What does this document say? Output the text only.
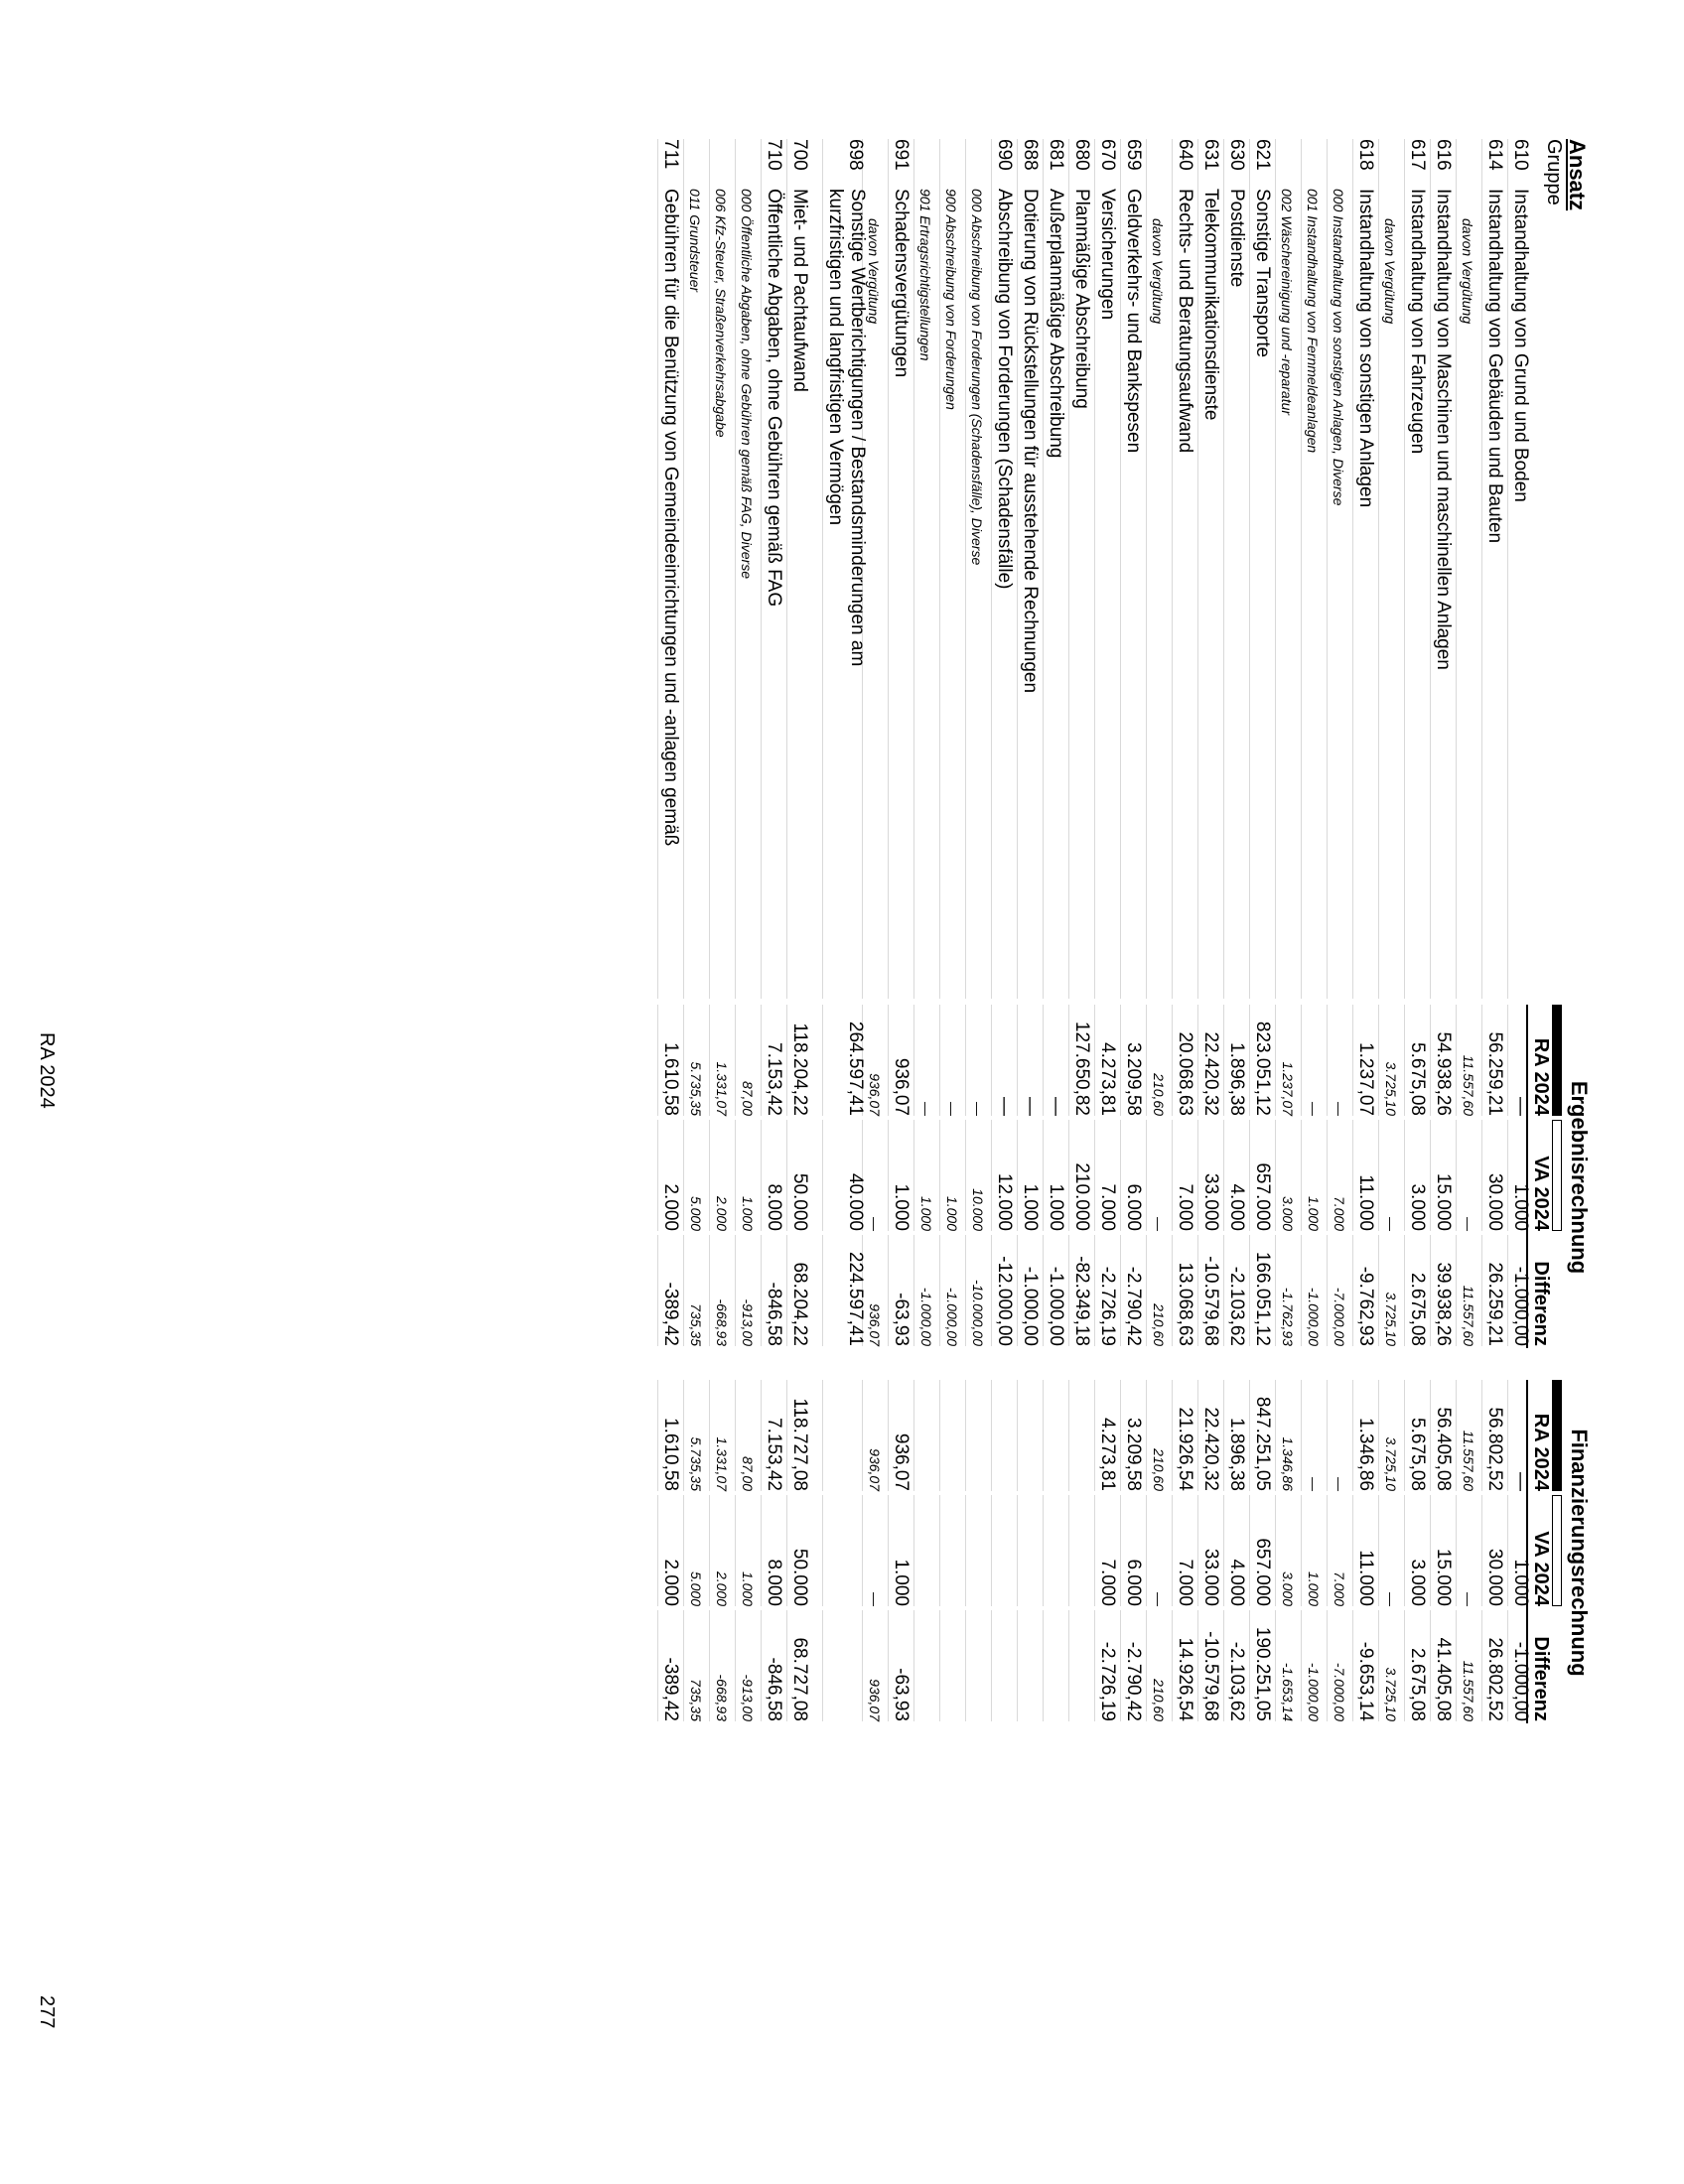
Ansatz
Gruppe
Ergebnisrechnung
Finanzierungsrechnung
RA 2024
VA 2024
Differenz
RA 2024
VA 2024
Differenz
610
Instandhaltung von Grund und Boden
—
1.000
-1.000,00
—
1.000
-1.000,00
614
Instandhaltung von Gebäuden und Bauten
56.259,21
30.000
26.259,21
56.802,52
30.000
26.802,52
davon Vergütung
11.557,60
—
11.557,60
11.557,60
—
11.557,60
616
Instandhaltung von Maschinen und maschinellen Anlagen
54.938,26
15.000
39.938,26
56.405,08
15.000
41.405,08
617
Instandhaltung von Fahrzeugen
5.675,08
3.000
2.675,08
5.675,08
3.000
2.675,08
davon Vergütung
3.725,10
—
3.725,10
3.725,10
—
3.725,10
618
Instandhaltung von sonstigen Anlagen
1.237,07
11.000
-9.762,93
1.346,86
11.000
-9.653,14
000 Instandhaltung von sonstigen Anlagen, Diverse
—
7.000
-7.000,00
—
7.000
-7.000,00
001 Instandhaltung von Fernmeldeanlagen
—
1.000
-1.000,00
—
1.000
-1.000,00
002 Wäschereinigung und -reparatur
1.237,07
3.000
-1.762,93
1.346,86
3.000
-1.653,14
621
Sonstige Transporte
823.051,12
657.000
166.051,12
847.251,05
657.000
190.251,05
630
Postdienste
1.896,38
4.000
-2.103,62
1.896,38
4.000
-2.103,62
631
Telekommunikationsdienste
22.420,32
33.000
-10.579,68
22.420,32
33.000
-10.579,68
640
Rechts- und Beratungsaufwand
20.068,63
7.000
13.068,63
21.926,54
7.000
14.926,54
davon Vergütung
210,60
—
210,60
210,60
—
210,60
659
Geldverkehrs- und Bankspesen
3.209,58
6.000
-2.790,42
3.209,58
6.000
-2.790,42
670
Versicherungen
4.273,81
7.000
-2.726,19
4.273,81
7.000
-2.726,19
680
Planmäßige Abschreibung
127.650,82
210.000
-82.349,18
681
Außerplanmäßige Abschreibung
—
1.000
-1.000,00
688
Dotierung von Rückstellungen für ausstehende Rechnungen
—
1.000
-1.000,00
690
Abschreibung von Forderungen (Schadensfälle)
—
12.000
-12.000,00
000 Abschreibung von Forderungen (Schadensfälle), Diverse
—
10.000
-10.000,00
900 Abschreibung von Forderungen
—
1.000
-1.000,00
901 Ertragsrichtigstellungen
—
1.000
-1.000,00
691
Schadensvergütungen
936,07
1.000
-63,93
936,07
1.000
-63,93
davon Vergütung
936,07
—
936,07
936,07
—
936,07
698
Sonstige Wertberichtigungen / Bestandsminderungen am kurzfristigen und langfristigen Vermögen
264.597,41
40.000
224.597,41
700
Miet- und Pachtaufwand
118.204,22
50.000
68.204,22
118.727,08
50.000
68.727,08
710
Öffentliche Abgaben, ohne Gebühren gemäß FAG
7.153,42
8.000
-846,58
7.153,42
8.000
-846,58
000 Öffentliche Abgaben, ohne Gebühren gemäß FAG, Diverse
87,00
1.000
-913,00
87,00
1.000
-913,00
006 Kfz-Steuer, Straßenverkehrsabgabe
1.331,07
2.000
-668,93
1.331,07
2.000
-668,93
011 Grundsteuer
5.735,35
5.000
735,35
5.735,35
5.000
735,35
711
Gebühren für die Benützung von Gemeindeeinrichtungen und -anlagen gemäß
1.610,58
2.000
-389,42
1.610,58
2.000
-389,42
RA 2024
277
